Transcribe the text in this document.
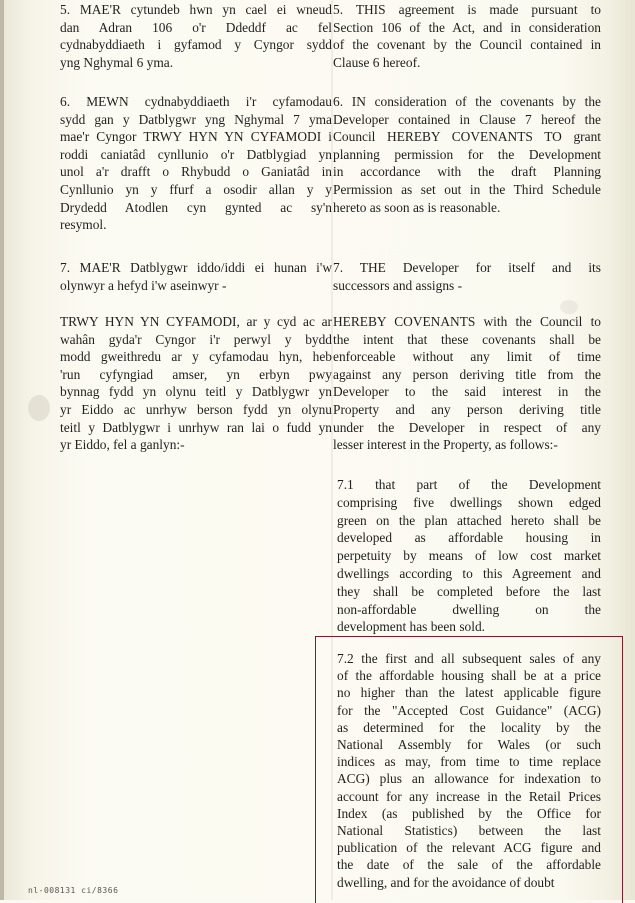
5. MAE'R cytundeb hwn yn cael ei wneud
dan Adran 106 o'r Ddeddf ac fel
cydnabyddiaeth i gyfamod y Cyngor sydd
yng Nghymal 6 yma.
5. THIS agreement is made pursuant to
Section 106 of the Act, and in consideration
of the covenant by the Council contained in
Clause 6 hereof.
6. MEWN cydnabyddiaeth i'r cyfamodau
sydd gan y Datblygwr yng Nghymal 7 yma
mae'r Cyngor TRWY HYN YN CYFAMODI i
roddi caniatâd cynllunio o'r Datblygiad yn
unol a'r drafft o Rhybudd o Ganiatâd in
Cynllunio yn y ffurf a osodir allan y y
Drydedd Atodlen cyn gynted ac sy'n
resymol.
6. IN consideration of the covenants by the
Developer contained in Clause 7 hereof the
Council HEREBY COVENANTS TO grant
planning permission for the Development
in accordance with the draft Planning
Permission as set out in the Third Schedule
hereto as soon as is reasonable.
7. MAE'R Datblygwr iddo/iddi ei hunan i'w
olynwyr a hefyd i'w aseinwyr -
7. THE Developer for itself and its
successors and assigns -
TRWY HYN YN CYFAMODI, ar y cyd ac ar
wahân gyda'r Cyngor i'r perwyl y bydd
modd gweithredu ar y cyfamodau hyn, heb
'run cyfyngiad amser, yn erbyn pwy
bynnag fydd yn olynu teitl y Datblygwr yn
yr Eiddo ac unrhyw berson fydd yn olynu
teitl y Datblygwr i unrhyw ran lai o fudd yn
yr Eiddo, fel a ganlyn:-
HEREBY COVENANTS with the Council to
the intent that these covenants shall be
enforceable without any limit of time
against any person deriving title from the
Developer to the said interest in the
Property and any person deriving title
under the Developer in respect of any
lesser interest in the Property, as follows:-
7.1 that part of the Development
comprising five dwellings shown edged
green on the plan attached hereto shall be
developed as affordable housing in
perpetuity by means of low cost market
dwellings according to this Agreement and
they shall be completed before the last
non-affordable dwelling on the
development has been sold.
7.2 the first and all subsequent sales of any
of the affordable housing shall be at a price
no higher than the latest applicable figure
for the "Accepted Cost Guidance" (ACG)
as determined for the locality by the
National Assembly for Wales (or such
indices as may, from time to time replace
ACG) plus an allowance for indexation to
account for any increase in the Retail Prices
Index (as published by the Office for
National Statistics) between the last
publication of the relevant ACG figure and
the date of the sale of the affordable
dwelling, and for the avoidance of doubt
nl-008131 ci/8366
